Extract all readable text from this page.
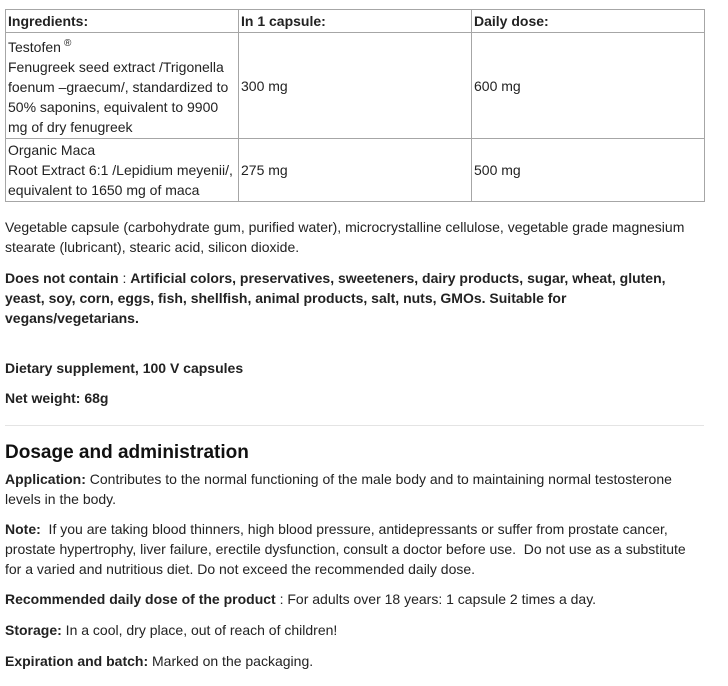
Ingredients:	In 1 capsule:	Daily dose:
Testofen ®
Fenugreek seed extract /Trigonella foenum –graecum/, standardized to 50% saponins, equivalent to 9900 mg of dry fenugreek	300 mg	600 mg
Organic Maca
Root Extract 6:1 /Lepidium meyenii/, equivalent to 1650 mg of maca	275 mg	500 mg

Vegetable capsule (carbohydrate gum, purified water), microcrystalline cellulose, vegetable grade magnesium stearate (lubricant), stearic acid, silicon dioxide.

Does not contain : Artificial colors, preservatives, sweeteners, dairy products, sugar, wheat, gluten, yeast, soy, corn, eggs, fish, shellfish, animal products, salt, nuts, GMOs. Suitable for vegans/vegetarians.

Dietary supplement, 100 V capsules

Net weight: 68g

Dosage and administration

Application: Contributes to the normal functioning of the male body and to maintaining normal testosterone levels in the body.

Note:  If you are taking blood thinners, high blood pressure, antidepressants or suffer from prostate cancer, prostate hypertrophy, liver failure, erectile dysfunction, consult a doctor before use.  Do not use as a substitute for a varied and nutritious diet. Do not exceed the recommended daily dose.

Recommended daily dose of the product : For adults over 18 years: 1 capsule 2 times a day.

Storage: In a cool, dry place, out of reach of children!

Expiration and batch: Marked on the packaging.
